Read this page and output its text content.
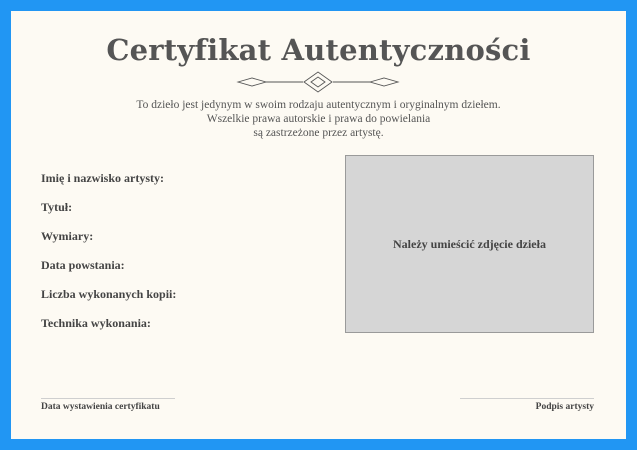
Certyfikat Autentyczności
To dzieło jest jedynym w swoim rodzaju autentycznym i oryginalnym dziełem.
Wszelkie prawa autorskie i prawa do powielania
są zastrzeżone przez artystę.
Imię i nazwisko artysty:
Tytuł:
Wymiary:
Data powstania:
Liczba wykonanych kopii:
Technika wykonania:
Należy umieścić zdjęcie dzieła
Data wystawienia certyfikatu	Podpis artysty
